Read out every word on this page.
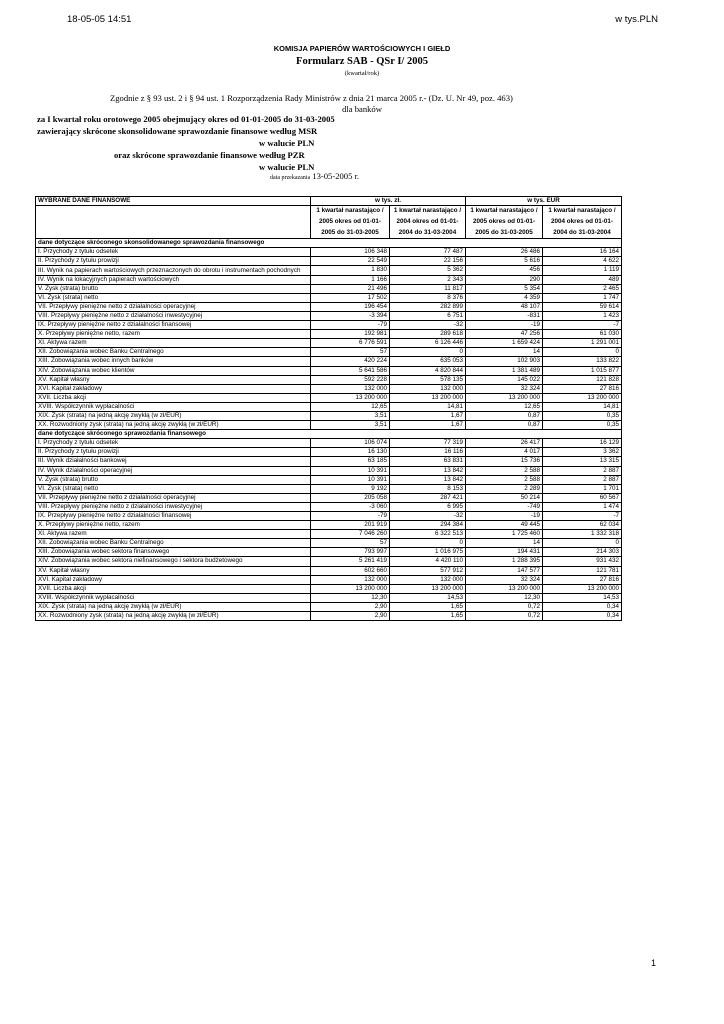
18-05-05 14:51	w tys.PLN
KOMISJA PAPIERÓW WARTOŚCIOWYCH I GIEŁD
Formularz SAB - QSr I/ 2005
(kwartał/rok)
Zgodnie z § 93 ust. 2 i § 94 ust. 1 Rozporządzenia Rady Ministrów z dnia 21 marca 2005 r.- (Dz. U. Nr 49, poz. 463)
dla banków
za I kwartał roku orotowego 2005 obejmujący okres od 01-01-2005 do 31-03-2005
zawierający skrócone skonsolidowane sprawozdanie finansowe według MSR
w walucie PLN
oraz skrócone sprawozdanie finansowe według PZR
w walucie PLN
data przekazania 13-05-2005 r.
WYBRANE DANE FINANSOWE	w tys. zł.		w tys. EUR	
	1 kwartał narastająco / 2005 okres od 01-01-2005 do 31-03-2005	1 kwartał narastająco / 2004 okres od 01-01-2004 do 31-03-2004	1 kwartał narastająco / 2005 okres od 01-01-2005 do 31-03-2005	1 kwartał narastająco / 2004 okres od 01-01-2004 do 31-03-2004
dane dotyczące skróconego skonsolidowanego sprawozdania finansowego				
I. Przychody z tytułu odsetek	106 348	77 487	26 486	16 164
II. Przychody z tytułu prowizji	22 549	22 156	5 616	4 622
III. Wynik na papierach wartościowych przeznaczonych do obrotu i instrumentach pochodnych	1 830	5 362	456	1 119
IV. Wynik na lokacyjnych papierach wartościowych	1 166	2 343	290	489
V. Zysk (strata) brutto	21 496	11 817	5 354	2 465
VI. Zysk (strata) netto	17 502	8 376	4 359	1 747
VII. Przepływy pieniężne netto z działalności operacyjnej	196 454	282 899	48 107	59 614
VIII. Przepływy pieniężne netto z działalności inwestycyjnej	-3 394	6 751	-831	1 423
IX. Przepływy pieniężne netto z działalności finansowej	-79	-32	-19	-7
X. Przepływy pieniężne netto, razem	192 981	289 618	47 256	61 030
XI. Aktywa razem	6 776 591	6 126 446	1 659 424	1 291 001
XII. Zobowiązania wobec Banku Centralnego	57	0	14	0
XIII. Zobowiązania wobec innych banków	420 224	635 053	102 903	133 822
XIV. Zobowiązania wobec klientów	5 641 586	4 820 844	1 381 489	1 015 877
XV. Kapitał własny	592 228	578 135	145 022	121 828
XVI. Kapitał zakładowy	132 000	132 000	32 324	27 816
XVII. Liczba akcji	13 200 000	13 200 000	13 200 000	13 200 000
XVIII. Współczynnik wypłacalności	12,65	14,81	12,65	14,81
XIX. Zysk (strata) na jedną akcję zwykłą (w zł/EUR)	3,51	1,67	0,87	0,35
XX. Rozwodniony zysk (strata) na jedną akcję zwykłą (w zł/EUR)	3,51	1,67	0,87	0,35
dane dotyczące skróconego sprawozdania finansowego				
I. Przychody z tytułu odsetek	106 074	77 319	26 417	16 129
II. Przychody z tytułu prowizji	16 130	16 116	4 017	3 362
III. Wynik działalności bankowej	63 185	63 831	15 736	13 315
IV. Wynik działalności operacyjnej	10 391	13 842	2 588	2 887
V. Zysk (strata) brutto	10 391	13 842	2 588	2 887
VI. Zysk (strata) netto	9 192	8 153	2 289	1 701
VII. Przepływy pieniężne netto z działalności operacyjnej	205 058	287 421	50 214	60 567
VIII. Przepływy pieniężne netto z działalności inwestycyjnej	-3 060	6 995	-749	1 474
IX. Przepływy pieniężne netto z działalności finansowej	-79	-32	-19	-7
X. Przepływy pieniężne netto, razem	201 919	294 384	49 445	62 034
XI. Aktywa razem	7 046 260	6 322 513	1 725 460	1 332 318
XII. Zobowiązania wobec Banku Centralnego	57	0	14	0
XIII. Zobowiązania wobec sektora finansowego	793 997	1 016 975	194 431	214 303
XIV. Zobowiązania wobec sektora niefinansowego i sektora budżetowego	5 261 419	4 420 110	1 288 395	931 432
XV. Kapitał własny	602 660	577 912	147 577	121 781
XVI. Kapitał zakładowy	132 000	132 000	32 324	27 816
XVII. Liczba akcji	13 200 000	13 200 000	13 200 000	13 200 000
XVIII. Współczynnik wypłacalności	12,30	14,53	12,30	14,53
XIX. Zysk (strata) na jedną akcję zwykłą (w zł/EUR)	2,90	1,65	0,72	0,34
XX. Rozwodniony zysk (strata) na jedną akcję zwykłą (w zł/EUR)	2,90	1,65	0,72	0,34
1
